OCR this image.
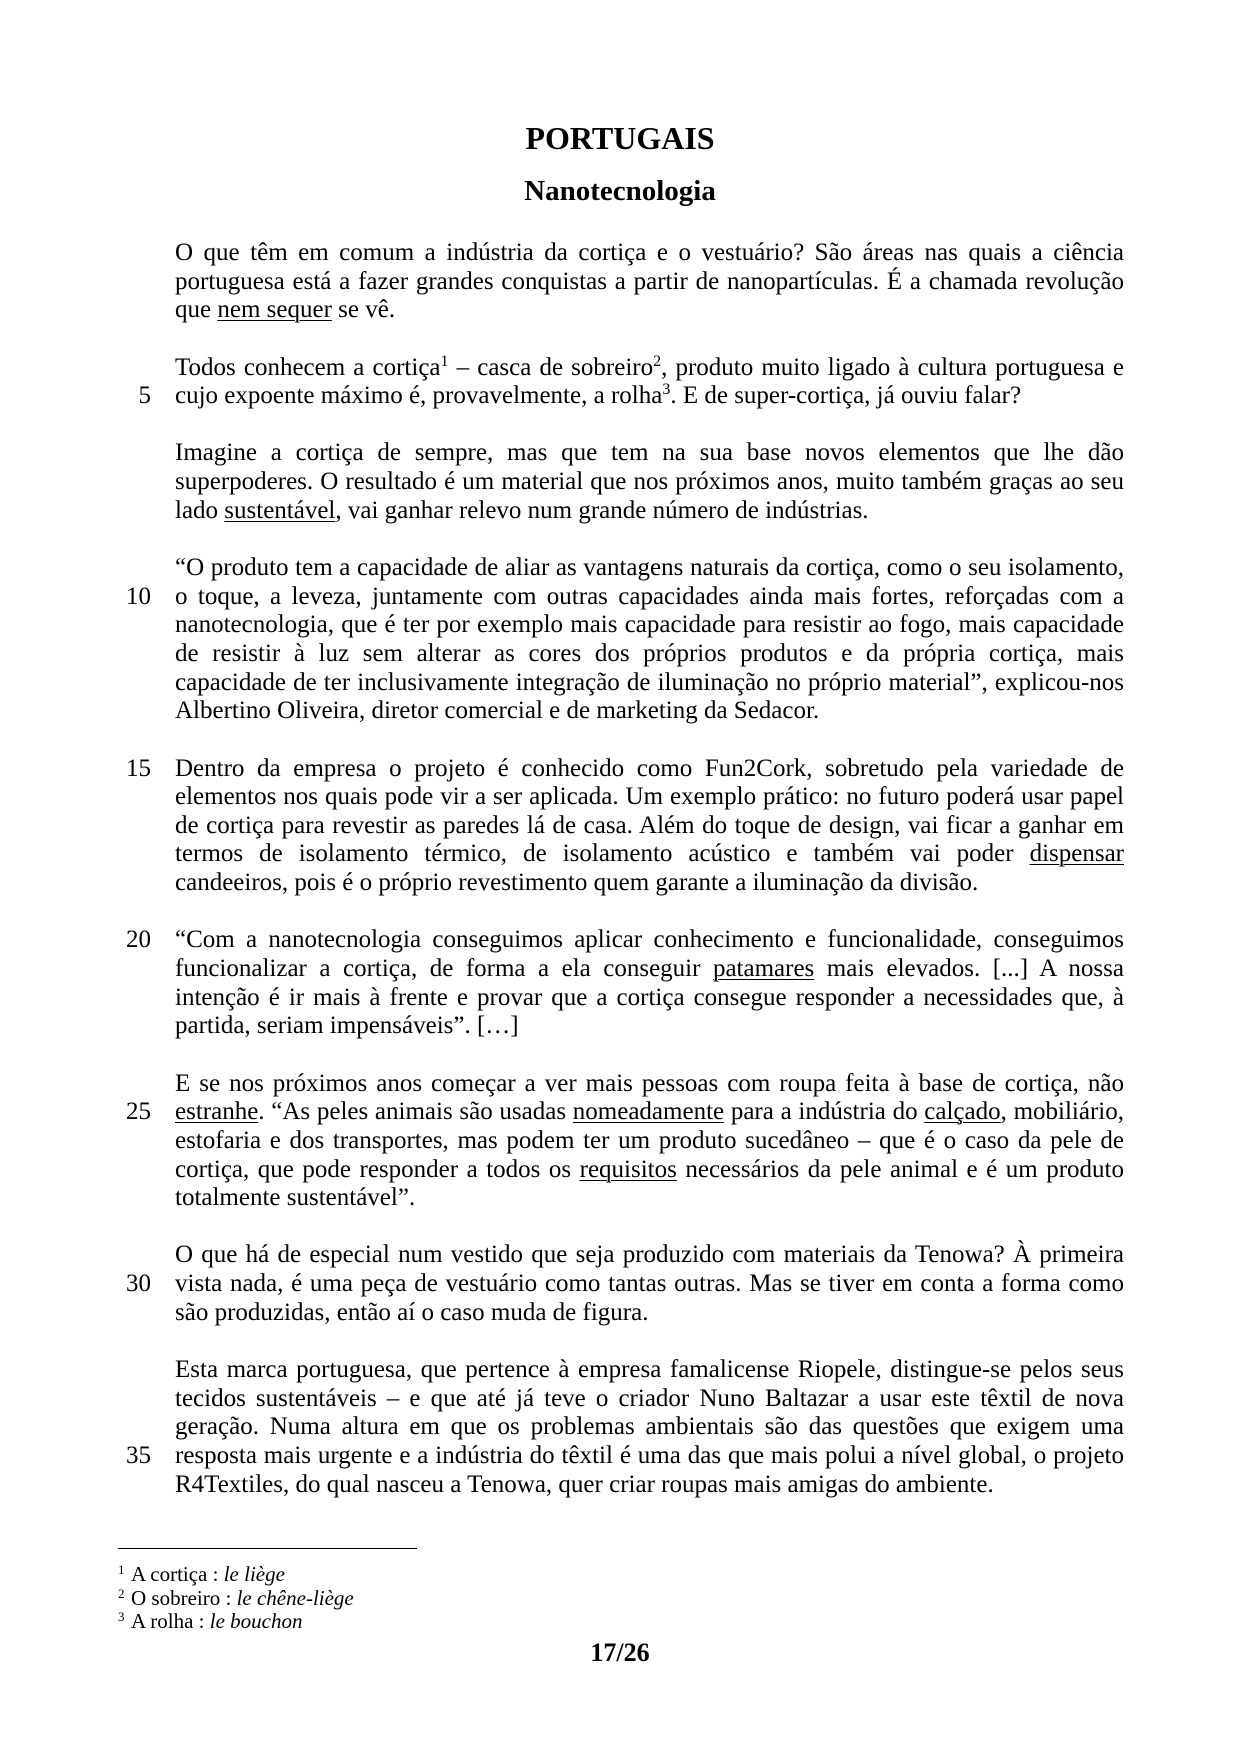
PORTUGAIS
Nanotecnologia
O que têm em comum a indústria da cortiça e o vestuário? São áreas nas quais a ciência
portuguesa está a fazer grandes conquistas a partir de nanopartículas. É a chamada revolução
que nem sequer se vê.
Todos conhecem a cortiça$^1$ – casca de sobreiro$^2$, produto muito ligado à cultura portuguesa e
5 cujo expoente máximo é, provavelmente, a rolha$^3$. E de super-cortiça, já ouviu falar?
Imagine a cortiça de sempre, mas que tem na sua base novos elementos que lhe dão
superpoderes. O resultado é um material que nos próximos anos, muito também graças ao seu
lado sustentável, vai ganhar relevo num grande número de indústrias.
“O produto tem a capacidade de aliar as vantagens naturais da cortiça, como o seu isolamento,
10 o toque, a leveza, juntamente com outras capacidades ainda mais fortes, reforçadas com a
nanotecnologia, que é ter por exemplo mais capacidade para resistir ao fogo, mais capacidade
de resistir à luz sem alterar as cores dos próprios produtos e da própria cortiça, mais
capacidade de ter inclusivamente integração de iluminação no próprio material”, explicou-nos
Albertino Oliveira, diretor comercial e de marketing da Sedacor.
15 Dentro da empresa o projeto é conhecido como Fun2Cork, sobretudo pela variedade de
elementos nos quais pode vir a ser aplicada. Um exemplo prático: no futuro poderá usar papel
de cortiça para revestir as paredes lá de casa. Além do toque de design, vai ficar a ganhar em
termos de isolamento térmico, de isolamento acústico e também vai poder dispensar
candeeiros, pois é o próprio revestimento quem garante a iluminação da divisão.
20 “Com a nanotecnologia conseguimos aplicar conhecimento e funcionalidade, conseguimos
funcionalizar a cortiça, de forma a ela conseguir patamares mais elevados. [...] A nossa
intenção é ir mais à frente e provar que a cortiça consegue responder a necessidades que, à
partida, seriam impensáveis”. […]
E se nos próximos anos começar a ver mais pessoas com roupa feita à base de cortiça, não
25 estranhe. “As peles animais são usadas nomeadamente para a indústria do calçado, mobiliário,
estofaria e dos transportes, mas podem ter um produto sucedâneo – que é o caso da pele de
cortiça, que pode responder a todos os requisitos necessários da pele animal e é um produto
totalmente sustentável”.
O que há de especial num vestido que seja produzido com materiais da Tenowa? À primeira
30 vista nada, é uma peça de vestuário como tantas outras. Mas se tiver em conta a forma como
são produzidas, então aí o caso muda de figura.
Esta marca portuguesa, que pertence à empresa famalicense Riopele, distingue-se pelos seus
tecidos sustentáveis – e que até já teve o criador Nuno Baltazar a usar este têxtil de nova
geração. Numa altura em que os problemas ambientais são das questões que exigem uma
35 resposta mais urgente e a indústria do têxtil é uma das que mais polui a nível global, o projeto
R4Textiles, do qual nasceu a Tenowa, quer criar roupas mais amigas do ambiente.
1 A cortiça : le liège
2 O sobreiro : le chêne-liège
3 A rolha : le bouchon
17/26
